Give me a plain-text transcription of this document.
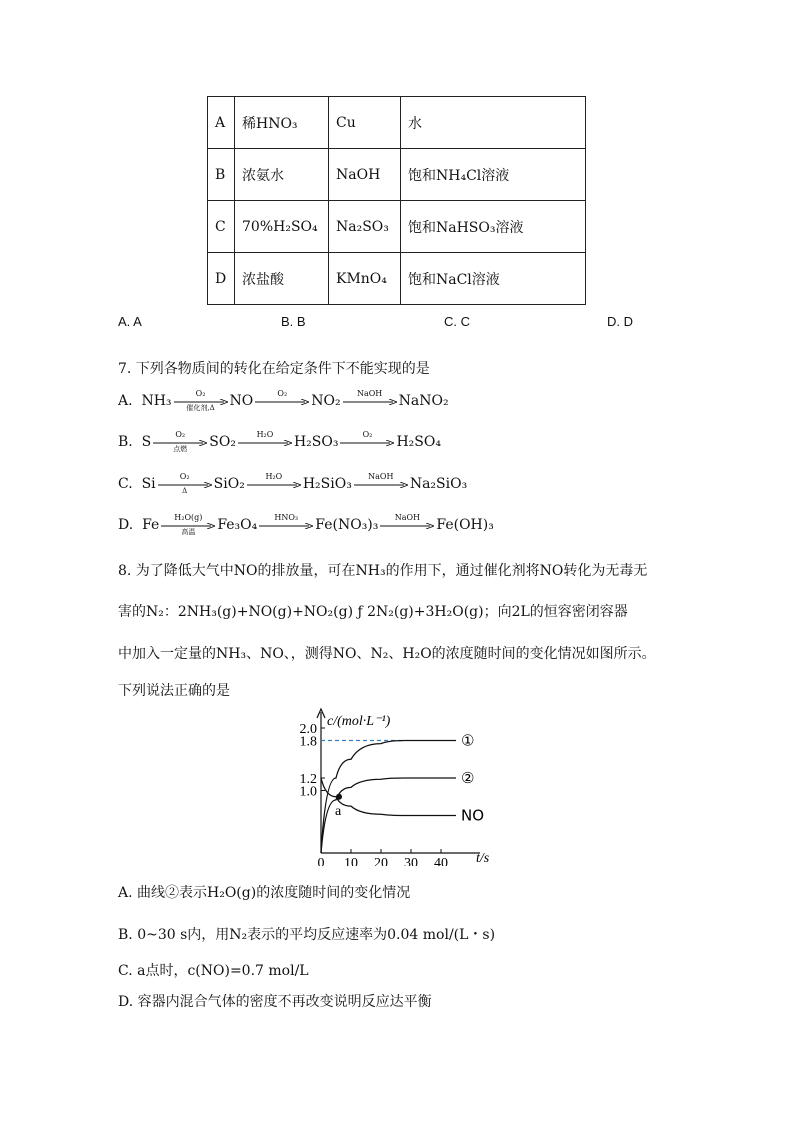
A	稀HNO₃	Cu	水
B	浓氨水	NaOH	饱和NH₄Cl溶液
C	70%H₂SO₄	Na₂SO₃	饱和NaHSO₃溶液
D	浓盐酸	KMnO₄	饱和NaCl溶液
A. A	B. B	C. C	D. D
7. 下列各物质间的转化在给定条件下不能实现的是
A. NH₃	O₂
催化剂,Δ	NO	O₂	NO₂	NaOH	NaNO₂
B. S	O₂
点燃	SO₂	H₂O	H₂SO₃	O₂	H₂SO₄
C. Si	O₂
Δ	SiO₂	H₂O	H₂SiO₃	NaOH	Na₂SiO₃
D. Fe	H₂O(g)
高温	Fe₃O₄	HNO₃	Fe(NO₃)₃	NaOH	Fe(OH)₃
8. 为了降低大气中NO的排放量，可在NH₃的作用下，通过催化剂将NO转化为无毒无
害的N₂：2NH₃(g)+NO(g)+NO₂(g) ƒ 2N₂(g)+3H₂O(g)；向2L的恒容密闭容器
中加入一定量的NH₃、NO、，测得NO、N₂、H₂O的浓度随时间的变化情况如图所示。
下列说法正确的是
c/(mol·L⁻¹)
t/s
0 10 20 30 40
1.0
1.2
1.8
2.0
①
②
NO
a
A. 曲线②表示H₂O(g)的浓度随时间的变化情况
B. 0~30 s内，用N₂表示的平均反应速率为0.04 mol/(L・s)
C. a点时，c(NO)=0.7 mol/L
D. 容器内混合气体的密度不再改变说明反应达平衡
